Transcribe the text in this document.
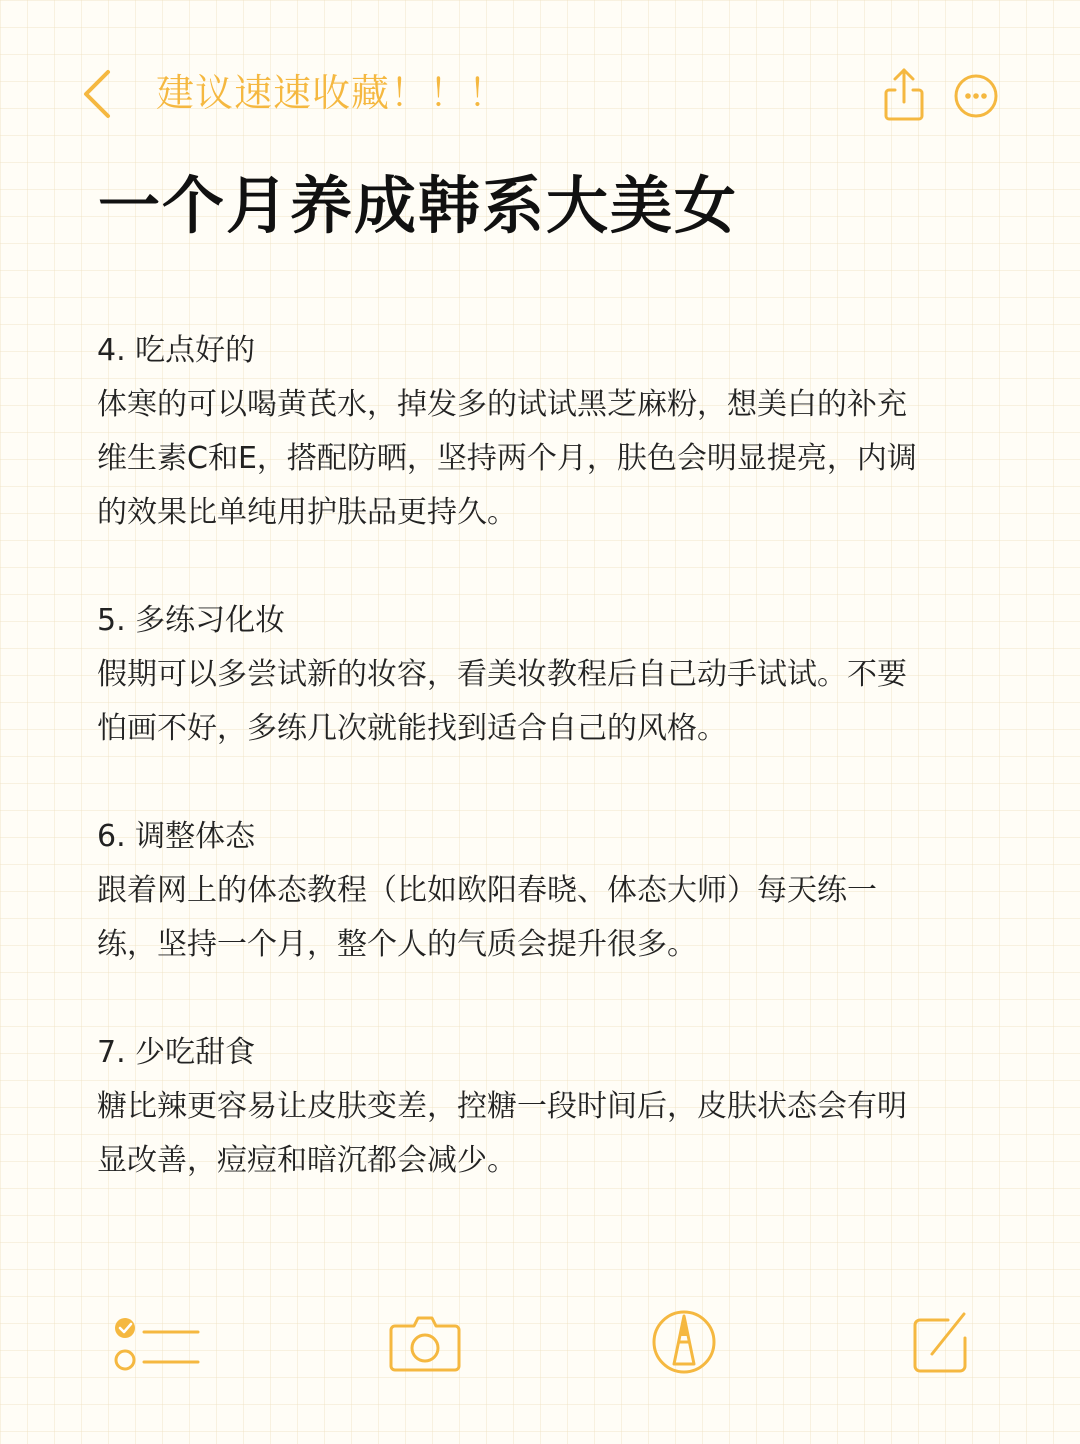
建议速速收藏！！！
一个月养成韩系大美女
4. 吃点好的
体寒的可以喝黄芪水，掉发多的试试黑芝麻粉，想美白的补充维生素C和E，搭配防晒，坚持两个月，肤色会明显提亮，内调的效果比单纯用护肤品更持久。
5. 多练习化妆
假期可以多尝试新的妆容，看美妆教程后自己动手试试。不要怕画不好，多练几次就能找到适合自己的风格。
6. 调整体态
跟着网上的体态教程（比如欧阳春晓、体态大师）每天练一练，坚持一个月，整个人的气质会提升很多。
7. 少吃甜食
糖比辣更容易让皮肤变差，控糖一段时间后，皮肤状态会有明显改善，痘痘和暗沉都会减少。
